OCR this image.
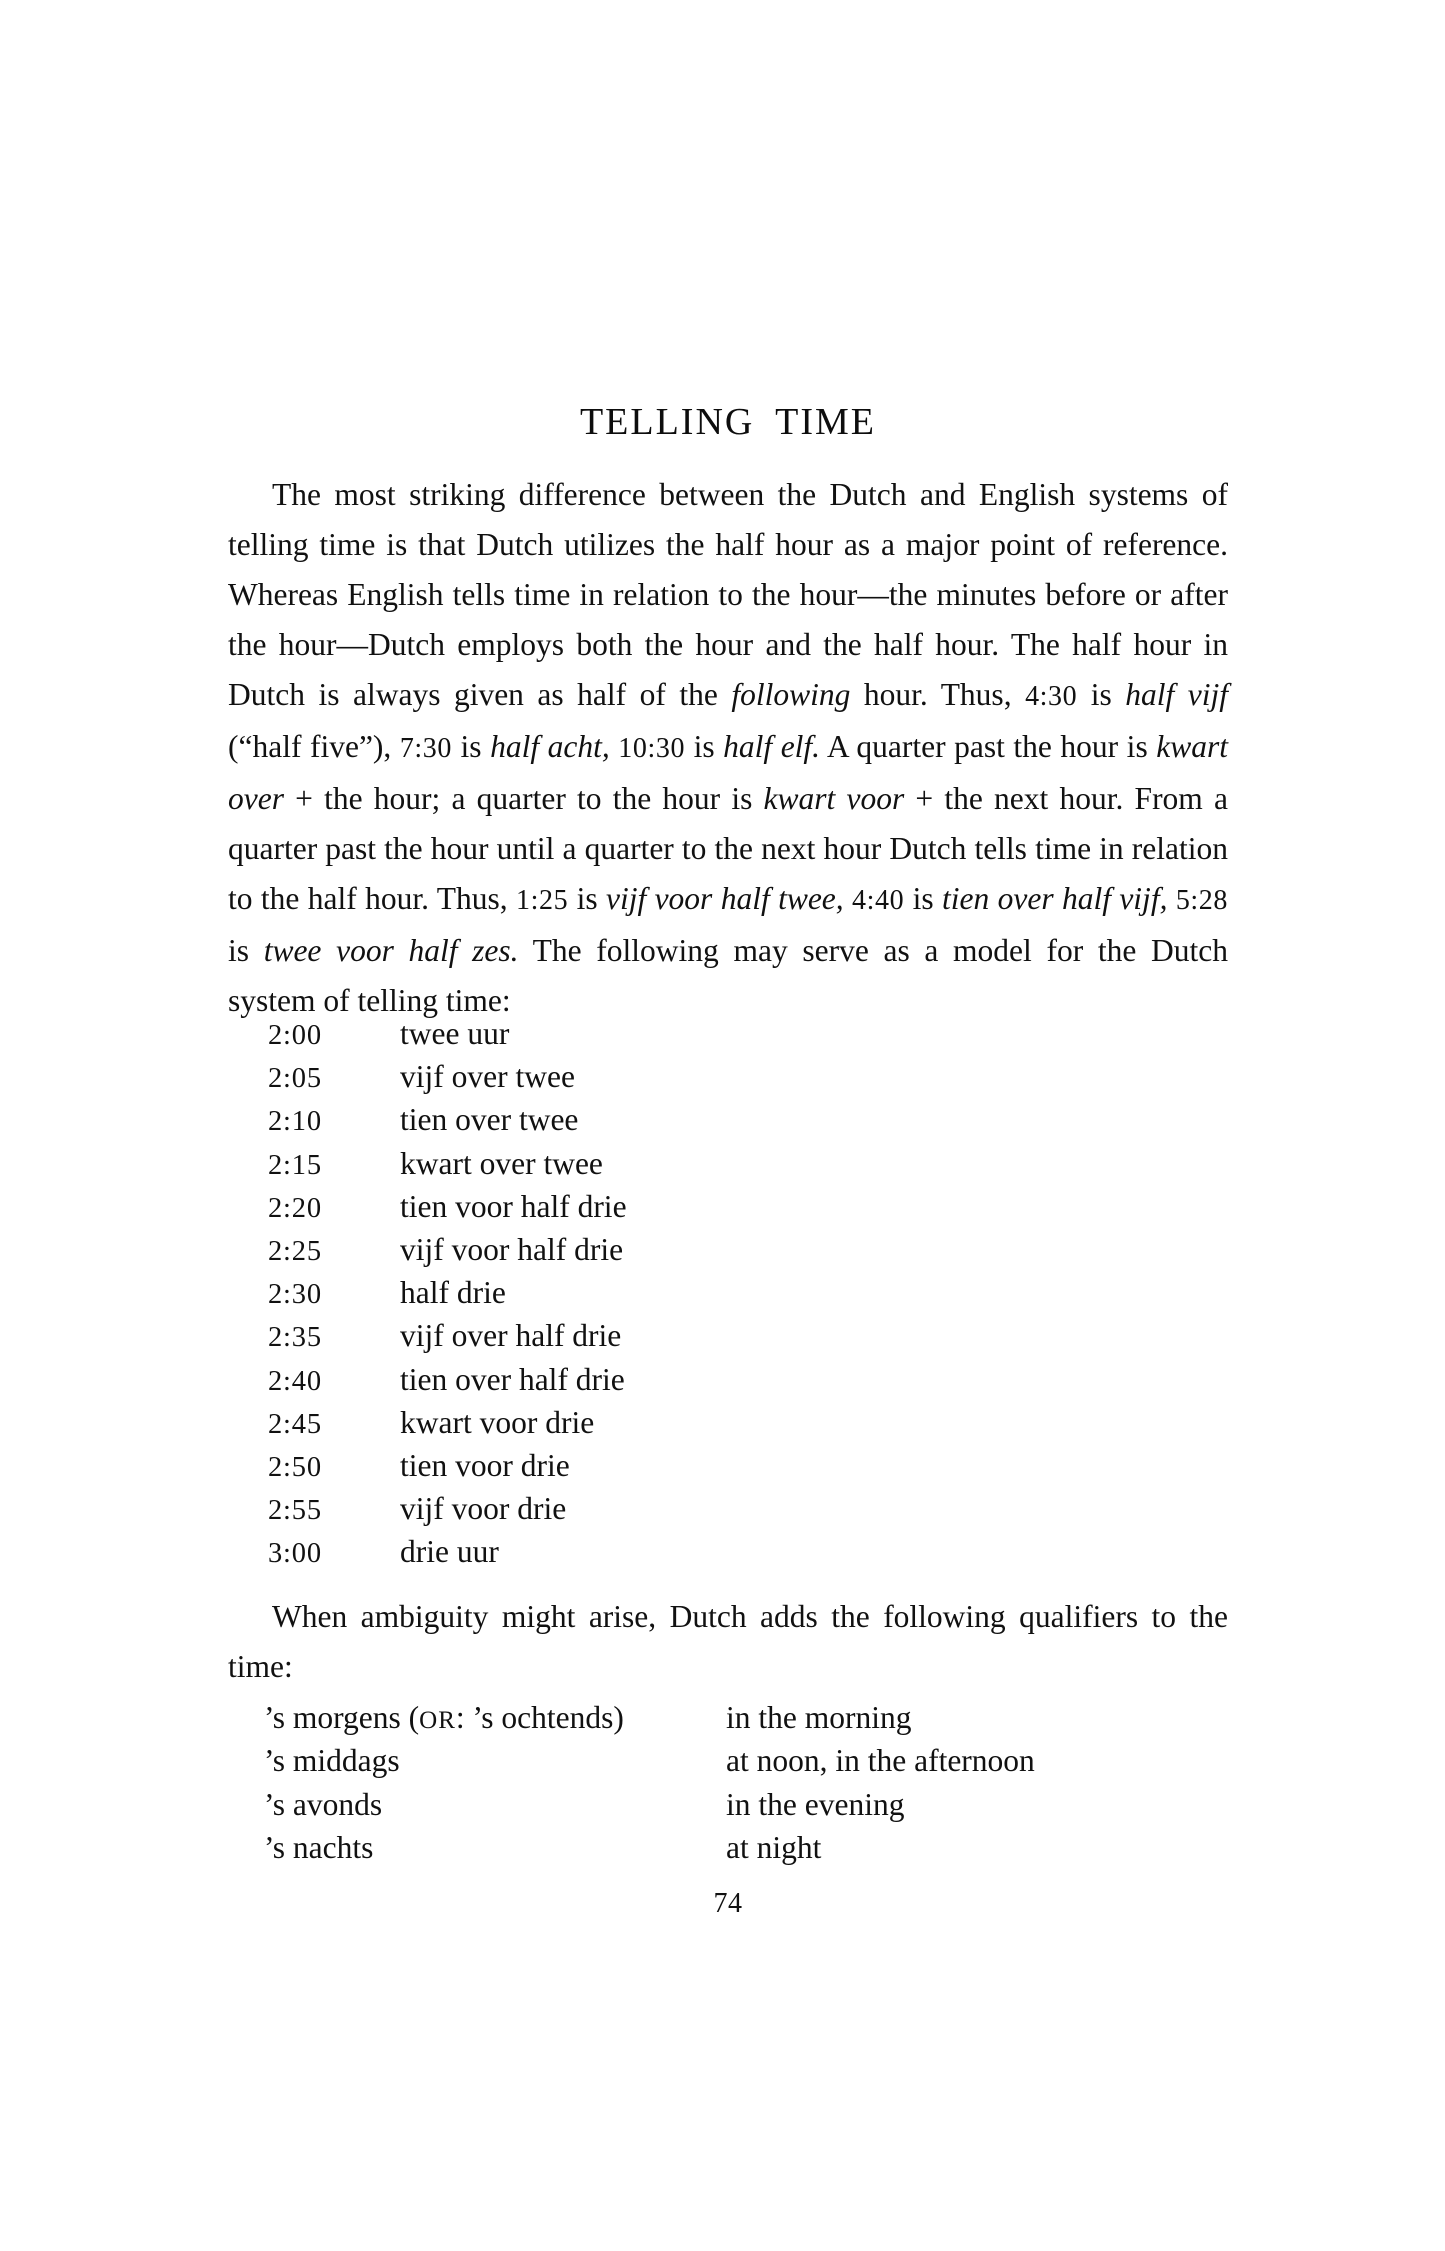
TELLING TIME
The most striking difference between the Dutch and English systems of telling time is that Dutch utilizes the half hour as a major point of reference. Whereas English tells time in relation to the hour—the minutes before or after the hour—Dutch employs both the hour and the half hour. The half hour in Dutch is always given as half of the following hour. Thus, 4:30 is half vijf (“half five”), 7:30 is half acht, 10:30 is half elf. A quarter past the hour is kwart over + the hour; a quarter to the hour is kwart voor + the next hour. From a quarter past the hour until a quarter to the next hour Dutch tells time in relation to the half hour. Thus, 1:25 is vijf voor half twee, 4:40 is tien over half vijf, 5:28 is twee voor half zes. The following may serve as a model for the Dutch system of telling time:
2:00	twee uur
2:05	vijf over twee
2:10	tien over twee
2:15	kwart over twee
2:20	tien voor half drie
2:25	vijf voor half drie
2:30	half drie
2:35	vijf over half drie
2:40	tien over half drie
2:45	kwart voor drie
2:50	tien voor drie
2:55	vijf voor drie
3:00	drie uur
When ambiguity might arise, Dutch adds the following qualifiers to the time:
’s morgens (OR: ’s ochtends)	in the morning
’s middags	at noon, in the afternoon
’s avonds	in the evening
’s nachts	at night
74
